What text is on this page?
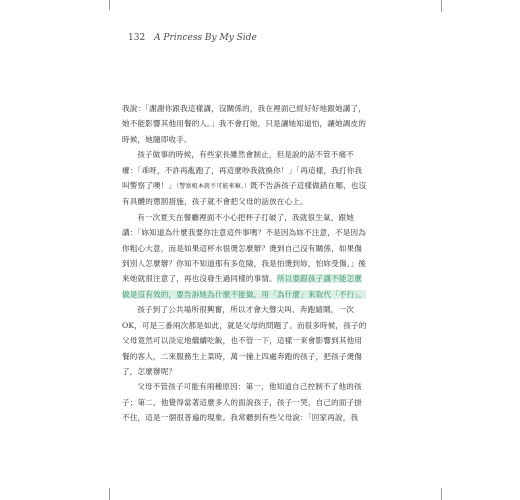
132 A Princess By My Side

我說：「謝謝你跟我這樣講，沒關係的，我在裡面已經好好地跟她講了，她不能影響其他用餐的人。」我不會打她，只是讓她知道怕，讓她調皮的時候，她隨即收手。

孩子做事的時候，有些家長雖然會制止，但是說的話不管不痛不癢：「乖呀，不許再亂跑了，再這麼吵我就換你！」「再這樣，我打你我叫警察了噢！」（警察根本就不可能來嘛。）既不告訴孩子這樣做錯在哪，也沒有具體的懲罰措施，孩子就不會把父母的話放在心上。

有一次夏天在餐廳裡面不小心把杯子打破了，我就很生氣，跟她講：「妳知道為什麼我要你注意這件事嗎？不是因為妳不注意，不是因為你粗心大意，而是如果這杯水很燙怎麼辦？燙到自己沒有關係，如果傷到別人怎麼辦？你知不知道那有多危險，我是怕燙到妳，怕妳受傷。」後來她就很注意了，再也沒發生過同樣的事情。所以要跟孩子講不能怎麼做是沒有效的，要告訴她為什麼不能做，用「為什麼」來取代「不行」。

孩子到了公共場所很興奮，所以才會大聲尖叫、奔跑嬉鬧，一次OK，可是三番兩次都是如此，就是父母的問題了。而很多時候，孩子的父母竟然可以淡定地繼續吃飯，也不管一下，這樣一來會影響到其他用餐的客人，二來服務生上菜時，萬一撞上四處奔跑的孩子，把孩子燙傷了，怎麼辦呢？

父母不管孩子可能有兩種原因：第一，他知道自己控制不了他的孩子；第二，他覺得當著這麼多人的面說孩子，孩子一哭，自己的面子掛不住，這是一個很普遍的現象。我常聽到有些父母說：「回家再說，我
